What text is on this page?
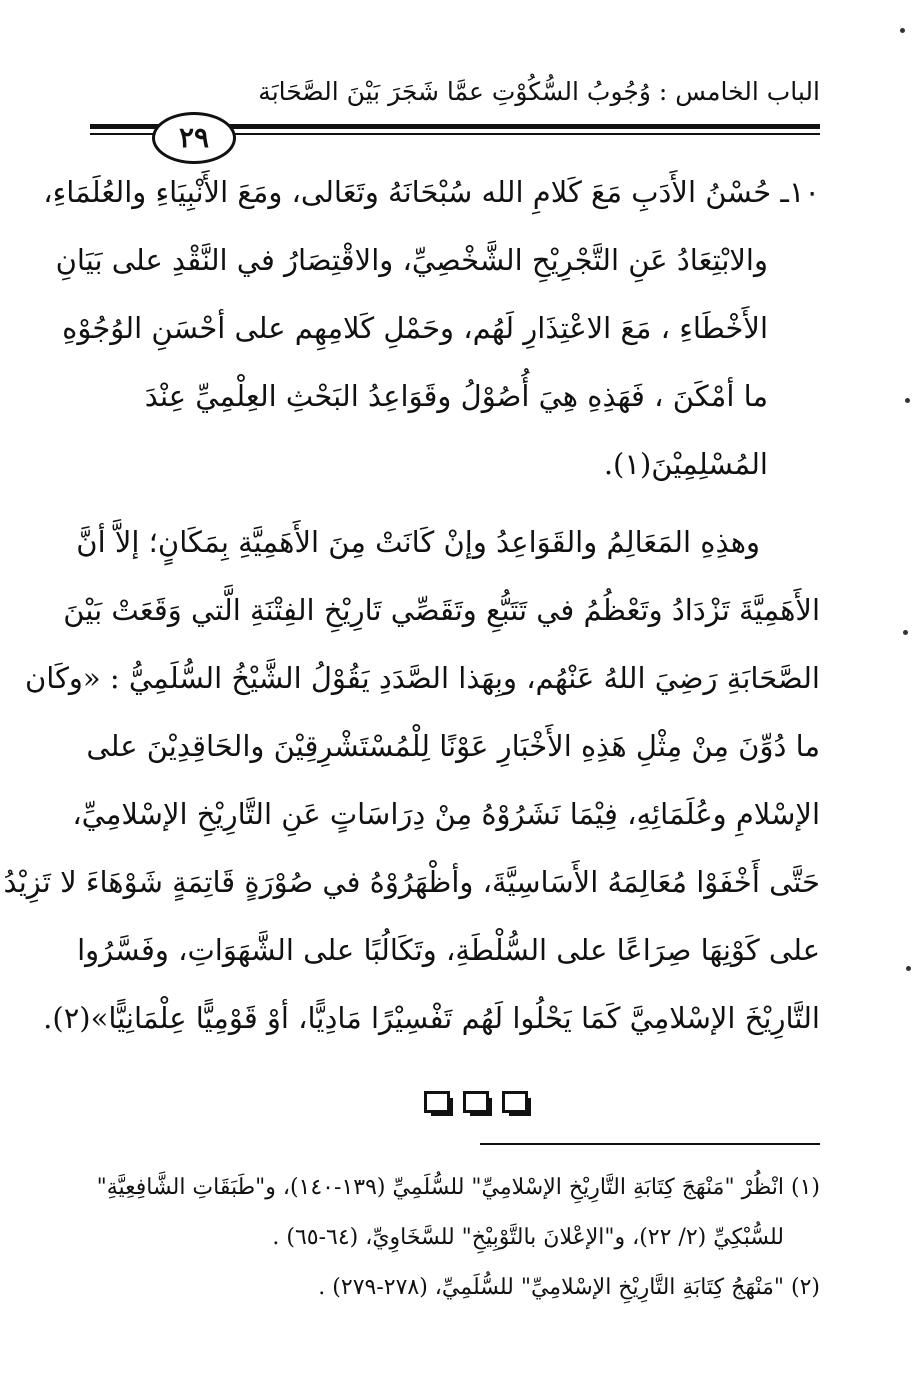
الباب الخامس : وُجُوبُ السُّكُوْتِ عمَّا شَجَرَ بَيْنَ الصَّحَابَة
٢٩
١٠ـ حُسْنُ الأَدَبِ مَعَ كَلامِ الله سُبْحَانَهُ وتَعَالى، ومَعَ الأَنْبِيَاءِ والعُلَمَاءِ،
والابْتِعَادُ عَنِ التَّجْرِيْحِ الشَّخْصِيِّ، والاقْتِصَارُ في النَّقْدِ على بَيَانِ
الأَخْطَاءِ ، مَعَ الاعْتِذَارِ لَهُم، وحَمْلِ كَلامِهِم على أحْسَنِ الوُجُوْهِ
ما أمْكَنَ ، فَهَذِهِ هِيَ أُصُوْلُ وقَوَاعِدُ البَحْثِ العِلْمِيِّ عِنْدَ
المُسْلِمِيْنَ(١).
وهذِهِ المَعَالِمُ والقَوَاعِدُ وإنْ كَانَتْ مِنَ الأَهَمِيَّةِ بِمَكَانٍ؛ إلاَّ أنَّ
الأَهَمِيَّةَ تَزْدَادُ وتَعْظُمُ في تَتَبُّعِ وتَقَصِّي تَارِيْخِ الفِتْنَةِ الَّتي وَقَعَتْ بَيْنَ
الصَّحَابَةِ رَضِيَ اللهُ عَنْهُم، وبِهَذا الصَّدَدِ يَقُوْلُ الشَّيْخُ السُّلَمِيُّ : «وكَان
ما دُوِّنَ مِنْ مِثْلِ هَذِهِ الأَخْبَارِ عَوْنًا لِلْمُسْتَشْرِقِيْنَ والحَاقِدِيْنَ على
الإسْلامِ وعُلَمَائِهِ، فِيْمَا نَشَرُوْهُ مِنْ دِرَاسَاتٍ عَنِ التَّارِيْخِ الإسْلامِيِّ،
حَتَّى أَخْفَوْا مُعَالِمَهُ الأَسَاسِيَّةَ، وأظْهَرُوْهُ في صُوْرَةٍ قَاتِمَةٍ شَوْهَاءَ لا تَزِيْدُ
على كَوْنِهَا صِرَاعًا على السُّلْطَةِ، وتَكَالُبًا على الشَّهَوَاتِ، وفَسَّرُوا
التَّارِيْخَ الإسْلامِيَّ كَمَا يَحْلُوا لَهُم تَفْسِيْرًا مَادِيًّا، أوْ قَوْمِيًّا عِلْمَانِيًّا»(٢).
(١) انْظُرْ "مَنْهَجَ كِتَابَةِ التَّارِيْخِ الإسْلامِيِّ" للسُّلَمِيِّ (١٣٩-١٤٠)، و"طَبَقَاتِ الشَّافِعِيَّةِ"
للسُّبْكِيِّ (٢/ ٢٢)، و"الإعْلانَ بالتَّوْبِيْخِ" للسَّخَاوِيِّ، (٦٤-٦٥) .
(٢) "مَنْهَجُ كِتَابَةِ التَّارِيْخِ الإسْلامِيِّ" للسُّلَمِيِّ، (٢٧٨-٢٧٩) .
